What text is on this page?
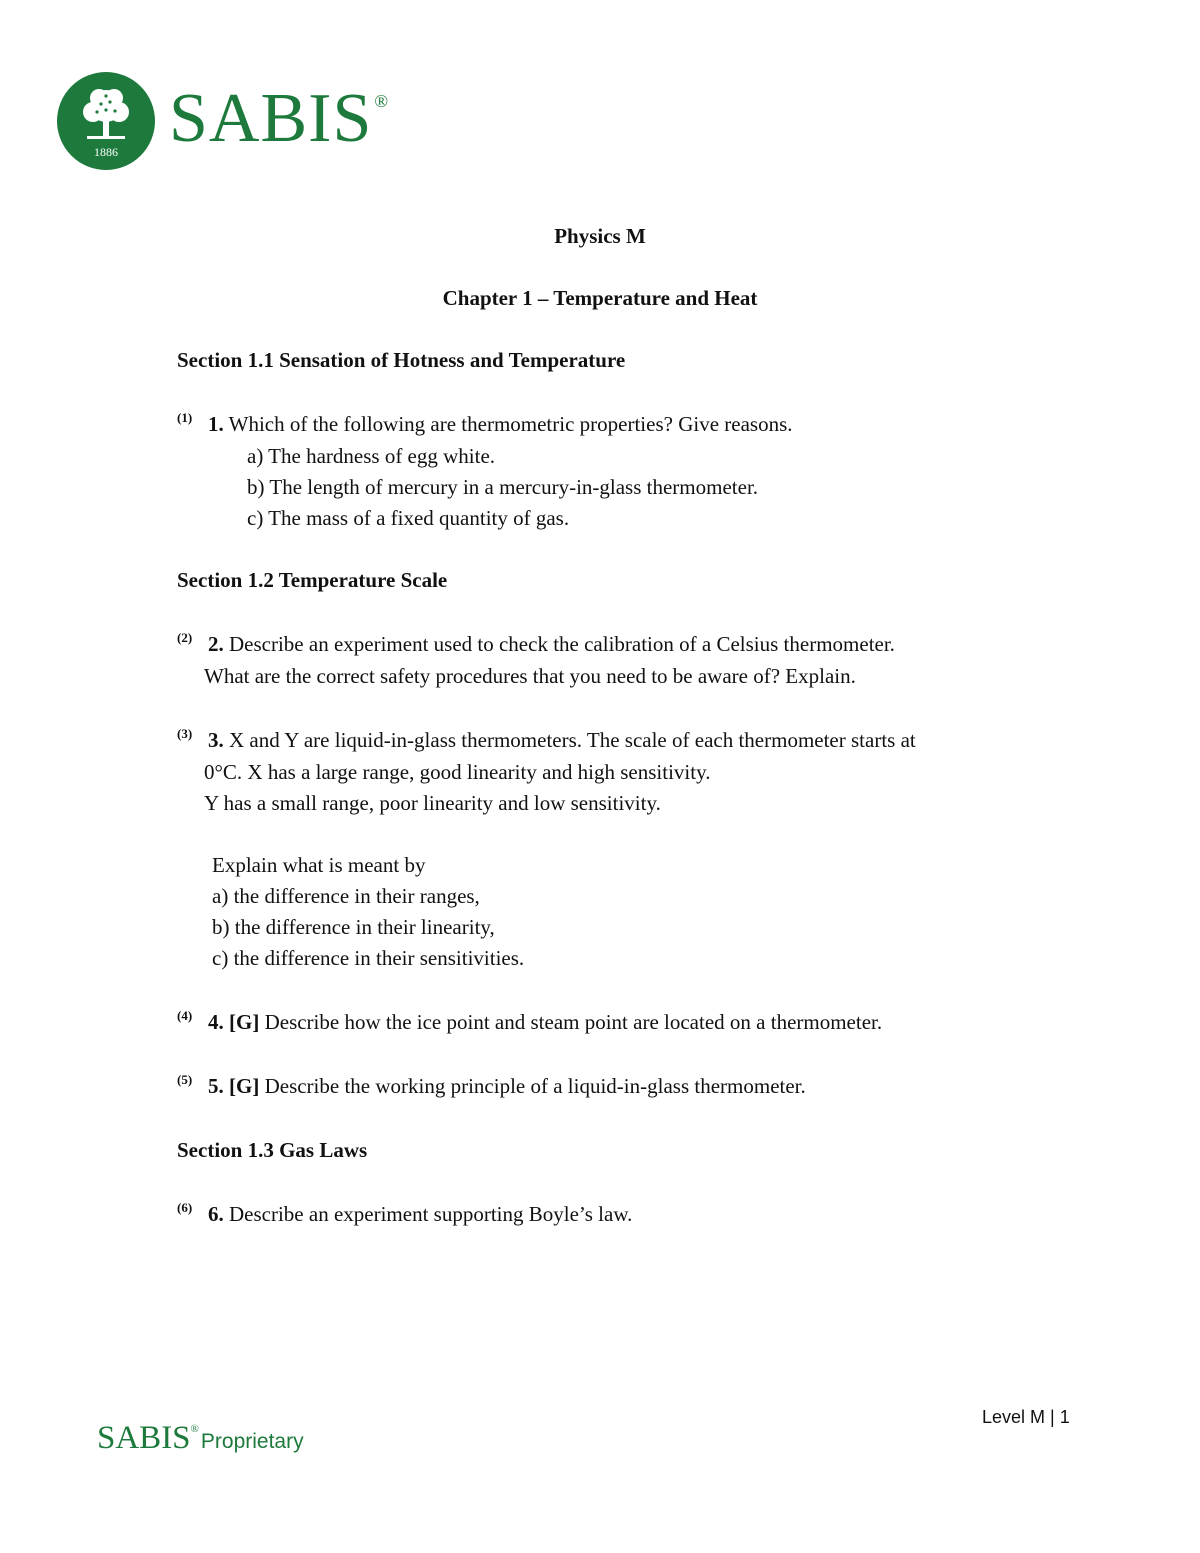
1886 SABIS ®
Physics M
Chapter 1 – Temperature and Heat
Section 1.1 Sensation of Hotness and Temperature
(1) 1. Which of the following are thermometric properties? Give reasons.
a) The hardness of egg white.
b) The length of mercury in a mercury-in-glass thermometer.
c) The mass of a fixed quantity of gas.
Section 1.2 Temperature Scale
(2) 2. Describe an experiment used to check the calibration of a Celsius thermometer.
What are the correct safety procedures that you need to be aware of? Explain.
(3) 3. X and Y are liquid-in-glass thermometers. The scale of each thermometer starts at
0°C. X has a large range, good linearity and high sensitivity.
Y has a small range, poor linearity and low sensitivity.
Explain what is meant by
a) the difference in their ranges,
b) the difference in their linearity,
c) the difference in their sensitivities.
(4) 4. [G] Describe how the ice point and steam point are located on a thermometer.
(5) 5. [G] Describe the working principle of a liquid-in-glass thermometer.
Section 1.3 Gas Laws
(6) 6. Describe an experiment supporting Boyle’s law.
SABIS®Proprietary
Level M | 1
